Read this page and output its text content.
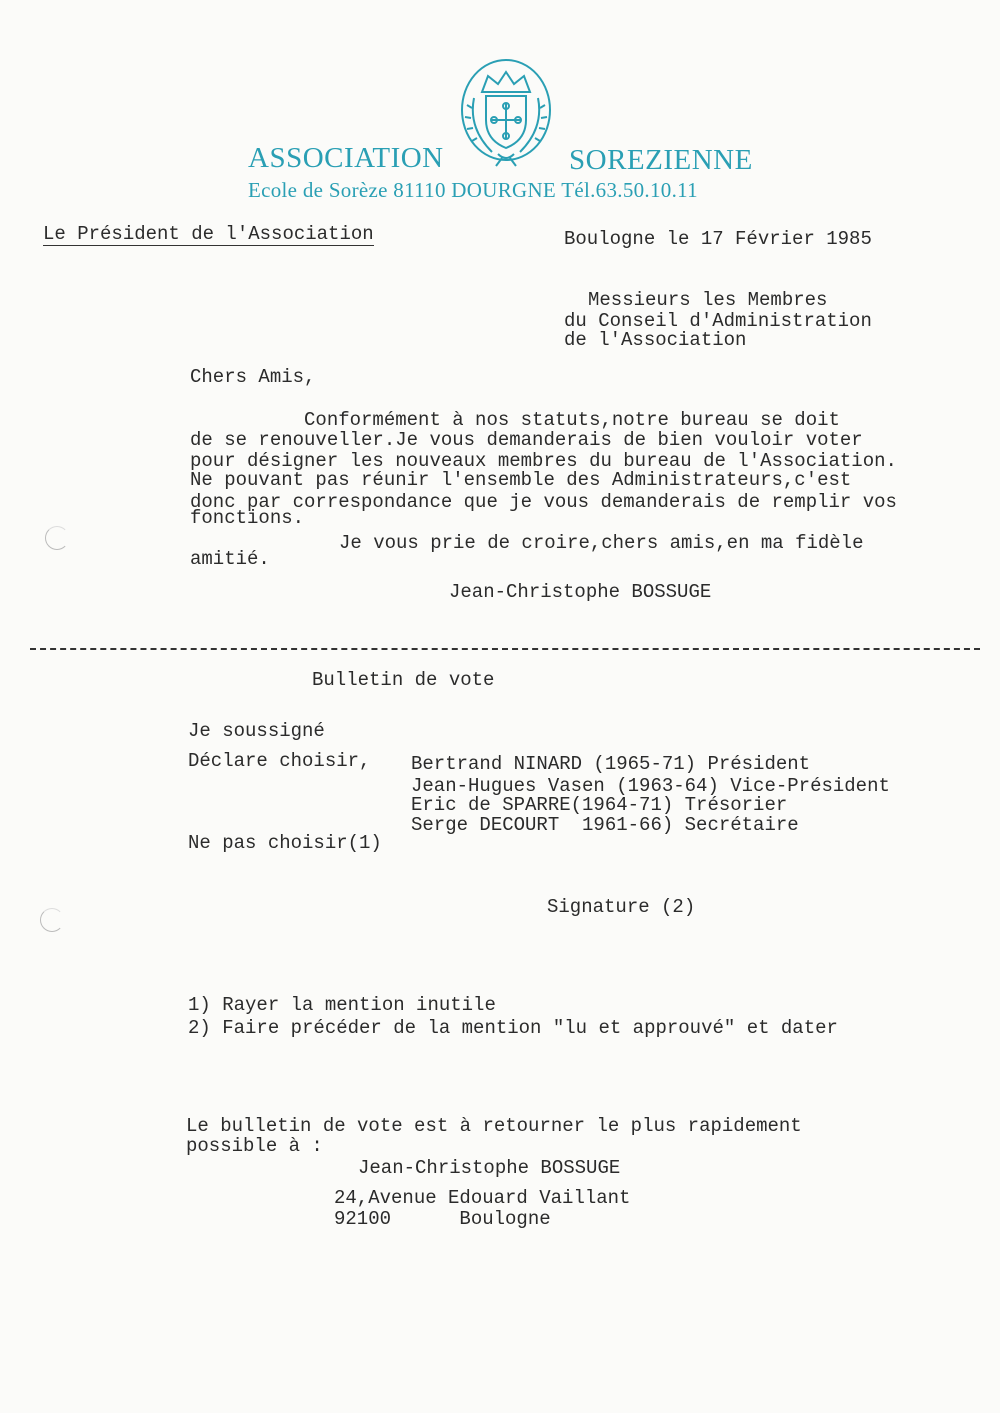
ASSOCIATION	SOREZIENNE
Ecole de Sorèze 81110 DOURGNE Tél.63.50.10.11
Le Président de l'Association	Boulogne le 17 Février 1985
Messieurs les Membres
du Conseil d'Administration
de l'Association
Chers Amis,
Conformément à nos statuts,notre bureau se doit
de se renouveller.Je vous demanderais de bien vouloir voter
pour désigner les nouveaux membres du bureau de l'Association.
Ne pouvant pas réunir l'ensemble des Administrateurs,c'est
donc par correspondance que je vous demanderais de remplir vos
fonctions.
Je vous prie de croire,chers amis,en ma fidèle
amitié.
Jean-Christophe BOSSUGE
Bulletin de vote
Je soussigné
Déclare choisir, Bertrand NINARD (1965-71) Président
Jean-Hugues Vasen (1963-64) Vice-Président
Eric de SPARRE(1964-71) Trésorier
Serge DECOURT  1961-66) Secrétaire
Ne pas choisir(1)
Signature (2)
1) Rayer la mention inutile
2) Faire précéder de la mention "lu et approuvé" et dater
Le bulletin de vote est à retourner le plus rapidement
possible à :
Jean-Christophe BOSSUGE
24,Avenue Edouard Vaillant
92100      Boulogne
